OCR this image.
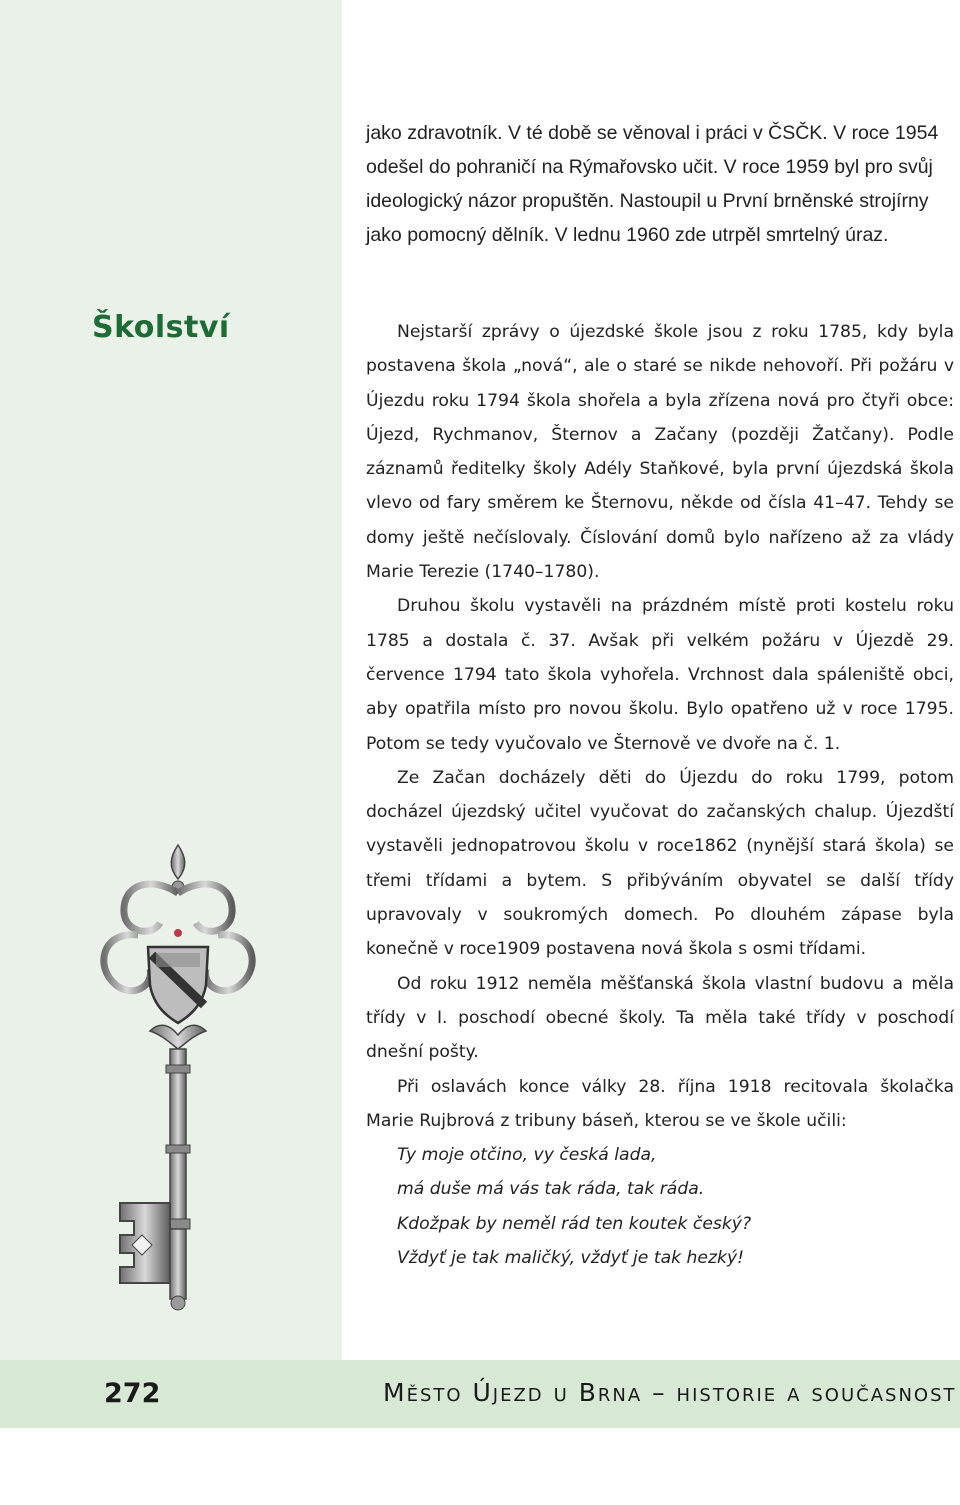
jako zdravotník. V té době se věnoval i práci v ČSČK. V roce 1954 odešel do pohraničí na Rýmařovsko učit. V roce 1959 byl pro svůj ideologický názor propuštěn. Nastoupil u První brněnské strojírny jako pomocný dělník. V lednu 1960 zde utrpěl smrtelný úraz.
Školství	Nejstarší zprávy o újezdské škole jsou z roku 1785, kdy byla postavena škola „nová“, ale o staré se nikde nehovoří. Při požáru v Újezdu roku 1794 škola shořela a byla zřízena nová pro čtyři obce: Újezd, Rychmanov, Šternov a Začany (později Žatčany). Podle záznamů ředitelky školy Adély Staňkové, byla první újezdská škola vlevo od fary směrem ke Šternovu, někde od čísla 41–47. Tehdy se domy ještě nečíslovaly. Číslování domů bylo nařízeno až za vlády Marie Terezie (1740–1780).

Druhou školu vystavěli na prázdném místě proti kostelu roku 1785 a dostala č. 37. Avšak při velkém požáru v Újezdě 29. července 1794 tato škola vyhořela. Vrchnost dala spáleniště obci, aby opatřila místo pro novou školu. Bylo opatřeno už v roce 1795. Potom se tedy vyučovalo ve Šternově ve dvoře na č. 1.

Ze Začan docházely děti do Újezdu do roku 1799, potom docházel újezdský učitel vyučovat do začanských chalup. Újezdští vystavěli jednopatrovou školu v roce1862 (nynější stará škola) se třemi třídami a bytem. S přibýváním obyvatel se další třídy upravovaly v soukromých domech. Po dlouhém zápase byla konečně v roce1909 postavena nová škola s osmi třídami.

Od roku 1912 neměla měšťanská škola vlastní budovu a měla třídy v I. poschodí obecné školy. Ta měla také třídy v poschodí dnešní pošty.

Při oslavách konce války 28. října 1918 recitovala školačka Marie Rujbrová z tribuny báseň, kterou se ve škole učili:

Ty moje otčino, vy česká lada,
má duše má vás tak ráda, tak ráda.
Kdožpak by neměl rád ten koutek český?
Vždyť je tak maličký, vždyť je tak hezký!
272	Město Újezd u Brna – historie a současnost
